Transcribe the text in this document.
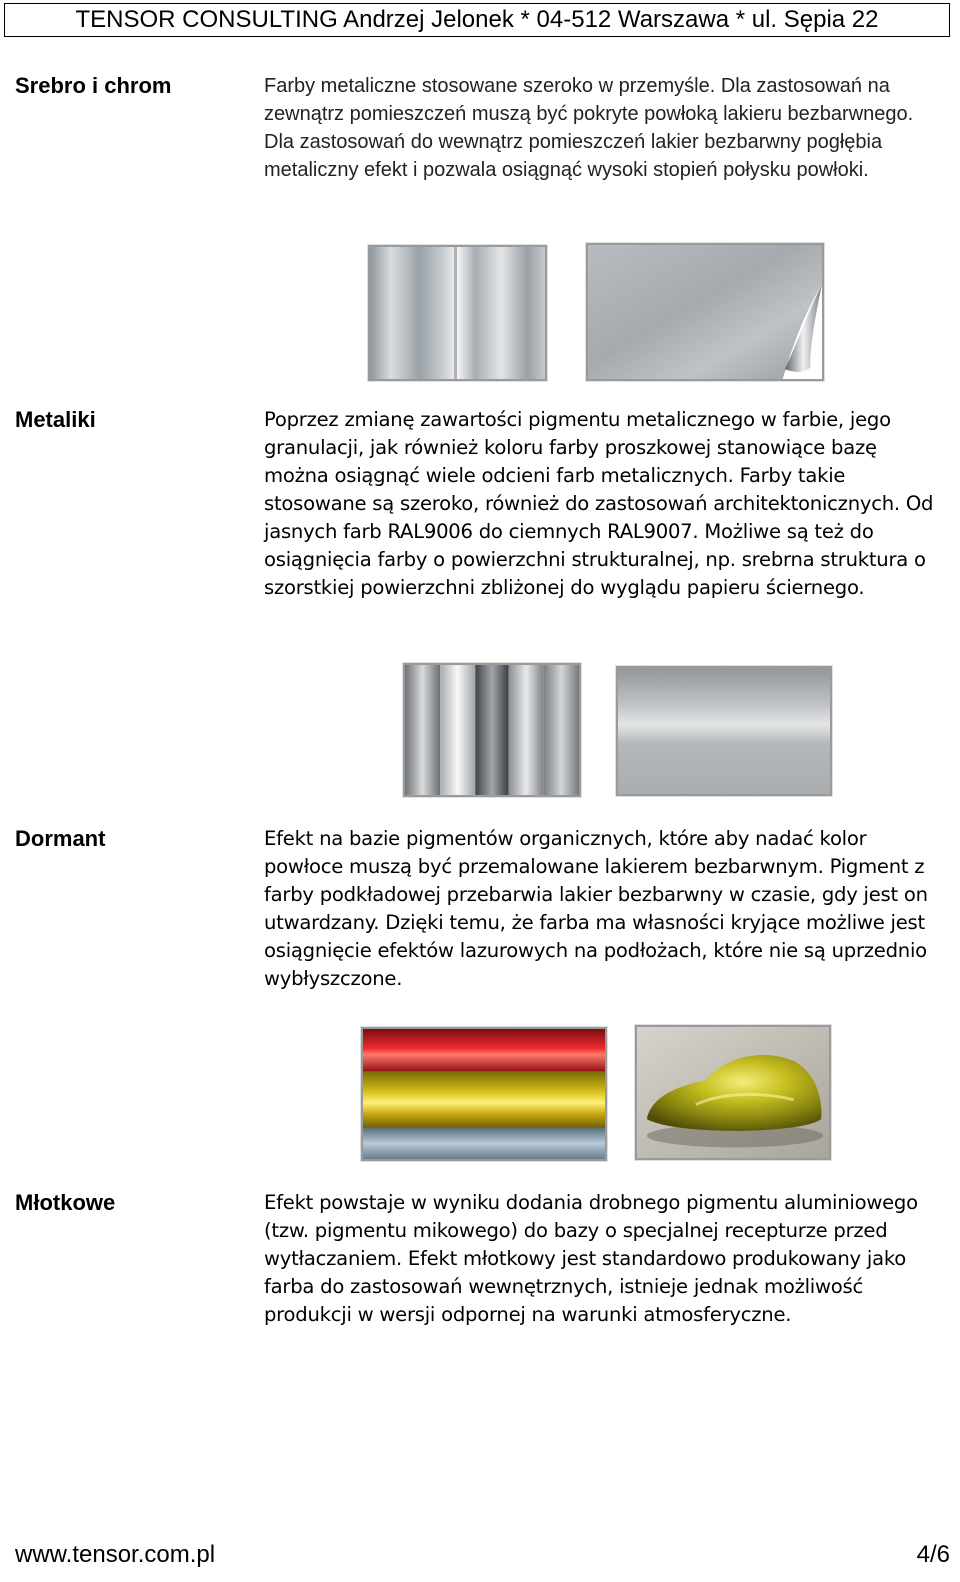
TENSOR CONSULTING Andrzej Jelonek * 04-512 Warszawa * ul. Sępia 22
Srebro i chrom	Farby metaliczne stosowane szeroko w przemyśle. Dla zastosowań na zewnątrz pomieszczeń muszą być pokryte powłoką lakieru bezbarwnego. Dla zastosowań do wewnątrz pomieszczeń lakier bezbarwny pogłębia metaliczny efekt i pozwala osiągnąć wysoki stopień połysku powłoki.
Metaliki	Poprzez zmianę zawartości pigmentu metalicznego w farbie, jego granulacji, jak również koloru farby proszkowej stanowiące bazę można osiągnąć wiele odcieni farb metalicznych. Farby takie stosowane są szeroko, również do zastosowań architektonicznych. Od jasnych farb RAL9006 do ciemnych RAL9007. Możliwe są też do osiągnięcia farby o powierzchni strukturalnej, np. srebrna struktura o szorstkiej powierzchni zbliżonej do wyglądu papieru ściernego.
Dormant	Efekt na bazie pigmentów organicznych, które aby nadać kolor powłoce muszą być przemalowane lakierem bezbarwnym. Pigment z farby podkładowej przebarwia lakier bezbarwny w czasie, gdy jest on utwardzany. Dzięki temu, że farba ma własności kryjące możliwe jest osiągnięcie efektów lazurowych na podłożach, które nie są uprzednio wybłyszczone.
Młotkowe	Efekt powstaje w wyniku dodania drobnego pigmentu aluminiowego (tzw. pigmentu mikowego) do bazy o specjalnej recepturze przed wytłaczaniem. Efekt młotkowy jest standardowo produkowany jako farba do zastosowań wewnętrznych, istnieje jednak możliwość produkcji w wersji odpornej na warunki atmosferyczne.
www.tensor.com.pl	4/6
